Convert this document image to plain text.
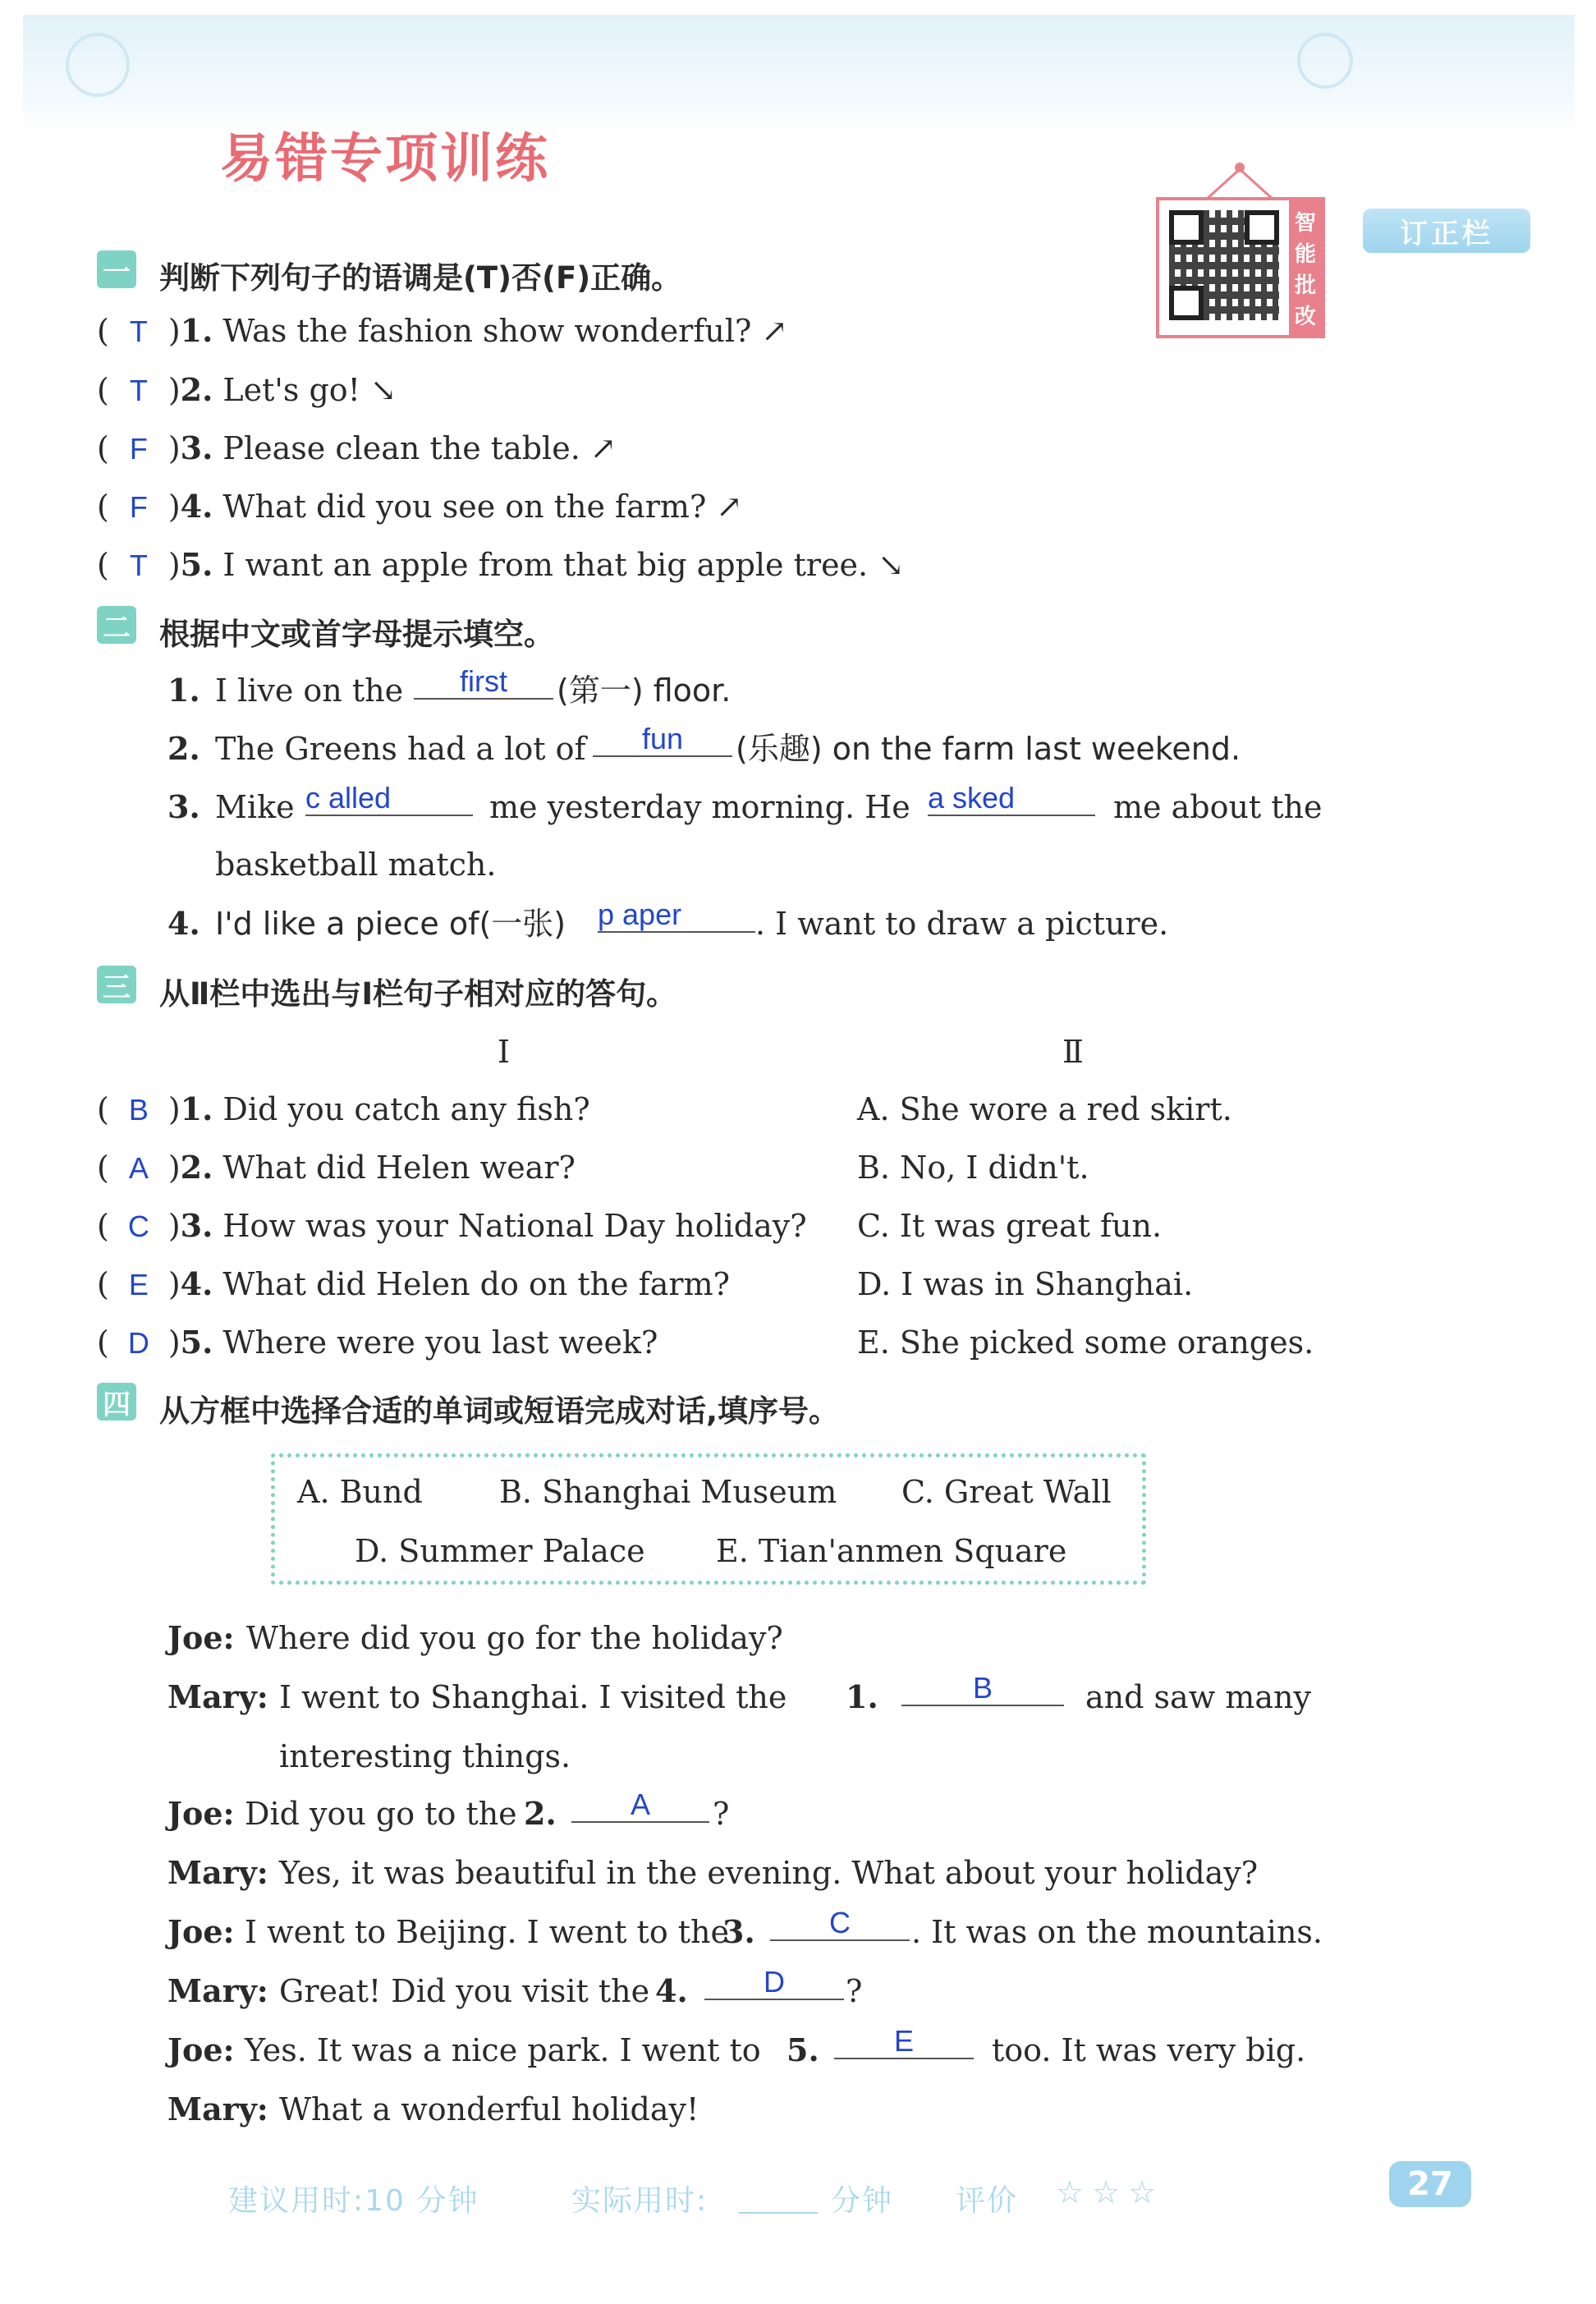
易错专项训练
智
能
批
改
订正栏
一 判断下列句子的语调是(T)否(F)正确。
( T )1. Was the fashion show wonderful? ↗
( T )2. Let's go! ↘
( F )3. Please clean the table. ↗
( F )4. What did you see on the farm? ↗
( T )5. I want an apple from that big apple tree. ↘
二 根据中文或首字母提示填空。
1. I live on the	first	(第一) floor.
2. The Greens had a lot of	fun	(乐趣) on the farm last weekend.
3. Mike c alled	me yesterday morning. He a sked	me about the
basketball match.
4. I'd like a piece of(一张) p aper	. I want to draw a picture.
三 从Ⅱ栏中选出与Ⅰ栏句子相对应的答句。
Ⅰ	Ⅱ
( B )1. Did you catch any fish?	A. She wore a red skirt.
( A )2. What did Helen wear?	B. No, I didn't.
( C )3. How was your National Day holiday? C. It was great fun.
( E )4. What did Helen do on the farm?	D. I was in Shanghai.
( D )5. Where were you last week?	E. She picked some oranges.
四 从方框中选择合适的单词或短语完成对话,填序号。
A. Bund B. Shanghai Museum C. Great Wall
D. Summer Palace E. Tian'anmen Square
Joe: Where did you go for the holiday?
Mary: I went to Shanghai. I visited the 1.	B	and saw many
interesting things.
Joe: Did you go to the 2.	A	?
Mary: Yes, it was beautiful in the evening. What about your holiday?
Joe: I went to Beijing. I went to the
3.	C	. It was on the mountains.
Mary: Great! Did you visit the 4.	D	?
Joe: Yes. It was a nice park. I went to 5.	E	too. It was very big.
Mary: What a wonderful holiday!
建议用时:10 分钟	实际用时:	分钟 评价 ☆☆☆	27
